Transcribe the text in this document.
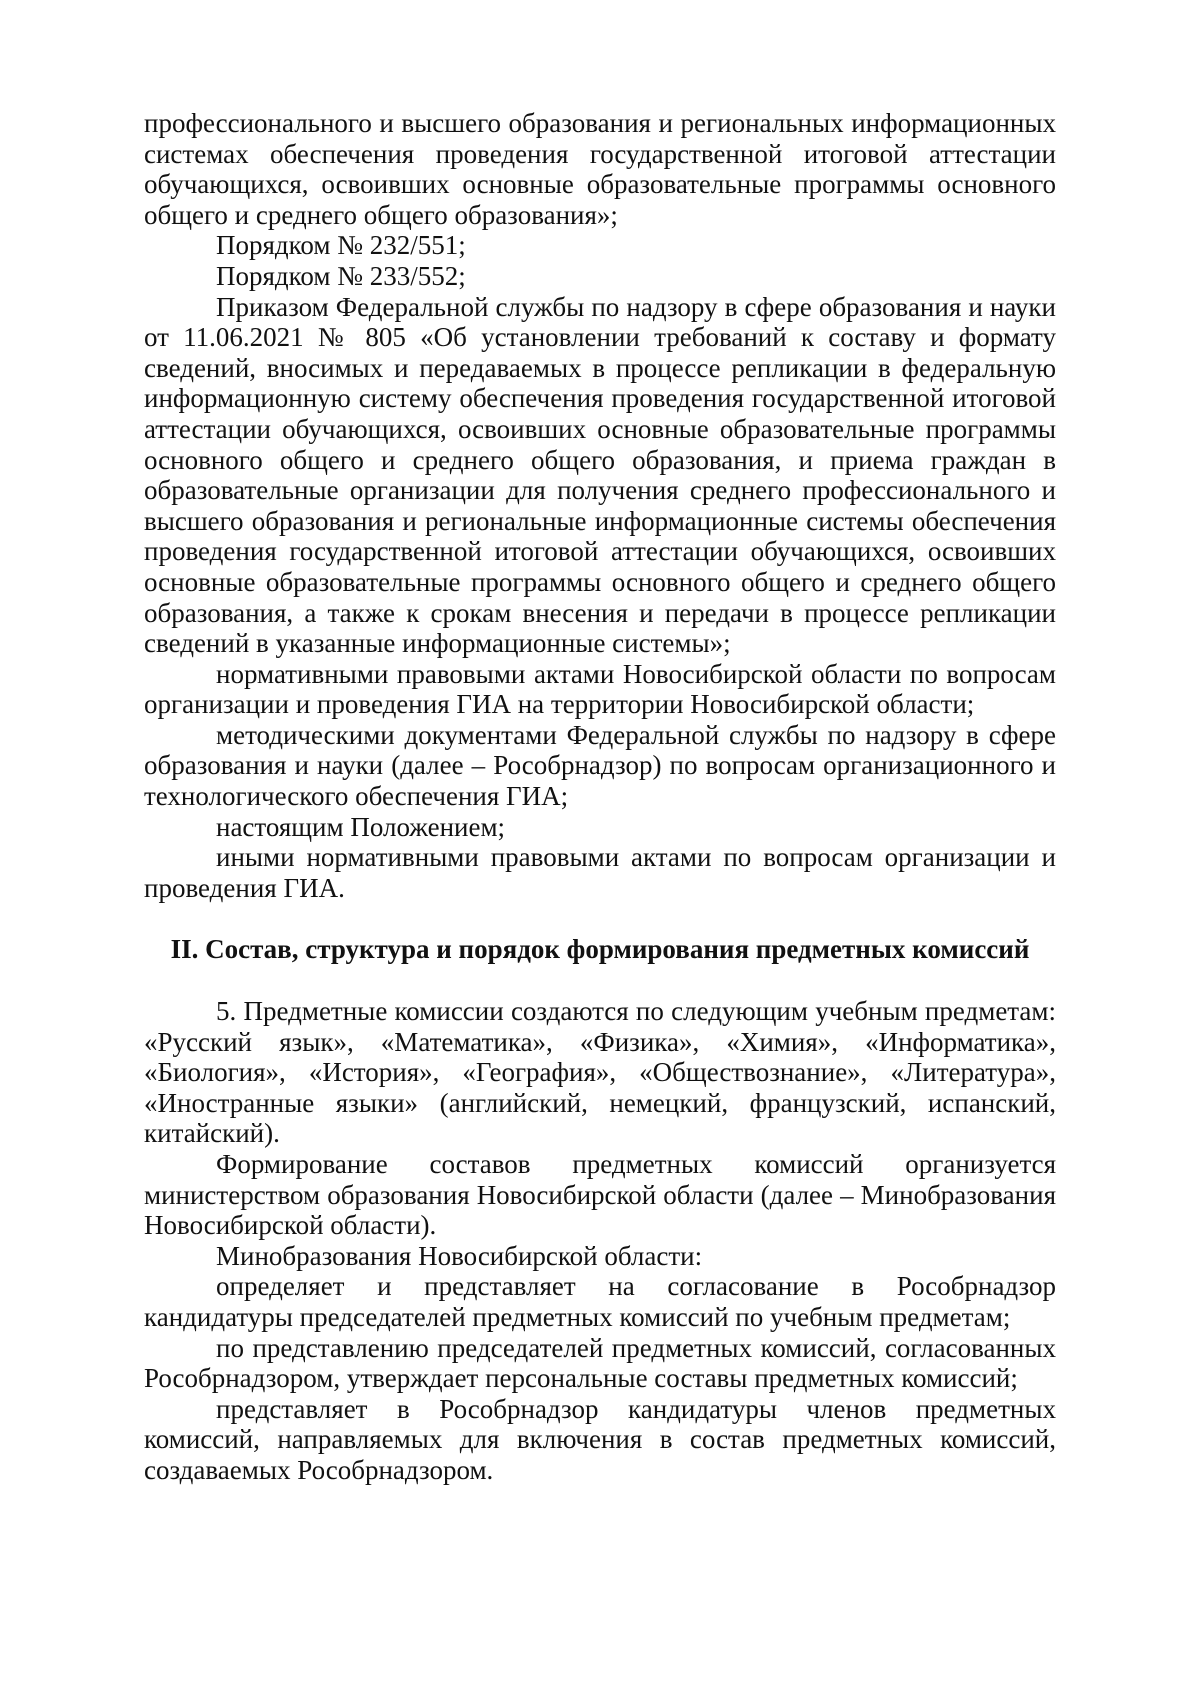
профессионального и высшего образования и региональных информационных системах обеспечения проведения государственной итоговой аттестации обучающихся, освоивших основные образовательные программы основного общего и среднего общего образования»;

Порядком № 232/551;

Порядком № 233/552;

Приказом Федеральной службы по надзору в сфере образования и науки от 11.06.2021 № 805 «Об установлении требований к составу и формату сведений, вносимых и передаваемых в процессе репликации в федеральную информационную систему обеспечения проведения государственной итоговой аттестации обучающихся, освоивших основные образовательные программы основного общего и среднего общего образования, и приема граждан в образовательные организации для получения среднего профессионального и высшего образования и региональные информационные системы обеспечения проведения государственной итоговой аттестации обучающихся, освоивших основные образовательные программы основного общего и среднего общего образования, а также к срокам внесения и передачи в процессе репликации сведений в указанные информационные системы»;

нормативными правовыми актами Новосибирской области по вопросам организации и проведения ГИА на территории Новосибирской области;

методическими документами Федеральной службы по надзору в сфере образования и науки (далее – Рособрнадзор) по вопросам организационного и технологического обеспечения ГИА;

настоящим Положением;

иными нормативными правовыми актами по вопросам организации и проведения ГИА.

II. Состав, структура и порядок формирования предметных комиссий

5. Предметные комиссии создаются по следующим учебным предметам: «Русский язык», «Математика», «Физика», «Химия», «Информатика», «Биология», «История», «География», «Обществознание», «Литература», «Иностранные языки» (английский, немецкий, французский, испанский, китайский).

Формирование составов предметных комиссий организуется министерством образования Новосибирской области (далее – Минобразования Новосибирской области).

Минобразования Новосибирской области:

определяет и представляет на согласование в Рособрнадзор кандидатуры председателей предметных комиссий по учебным предметам;

по представлению председателей предметных комиссий, согласованных Рособрнадзором, утверждает персональные составы предметных комиссий;

представляет в Рособрнадзор кандидатуры членов предметных комиссий, направляемых для включения в состав предметных комиссий, создаваемых Рособрнадзором.
